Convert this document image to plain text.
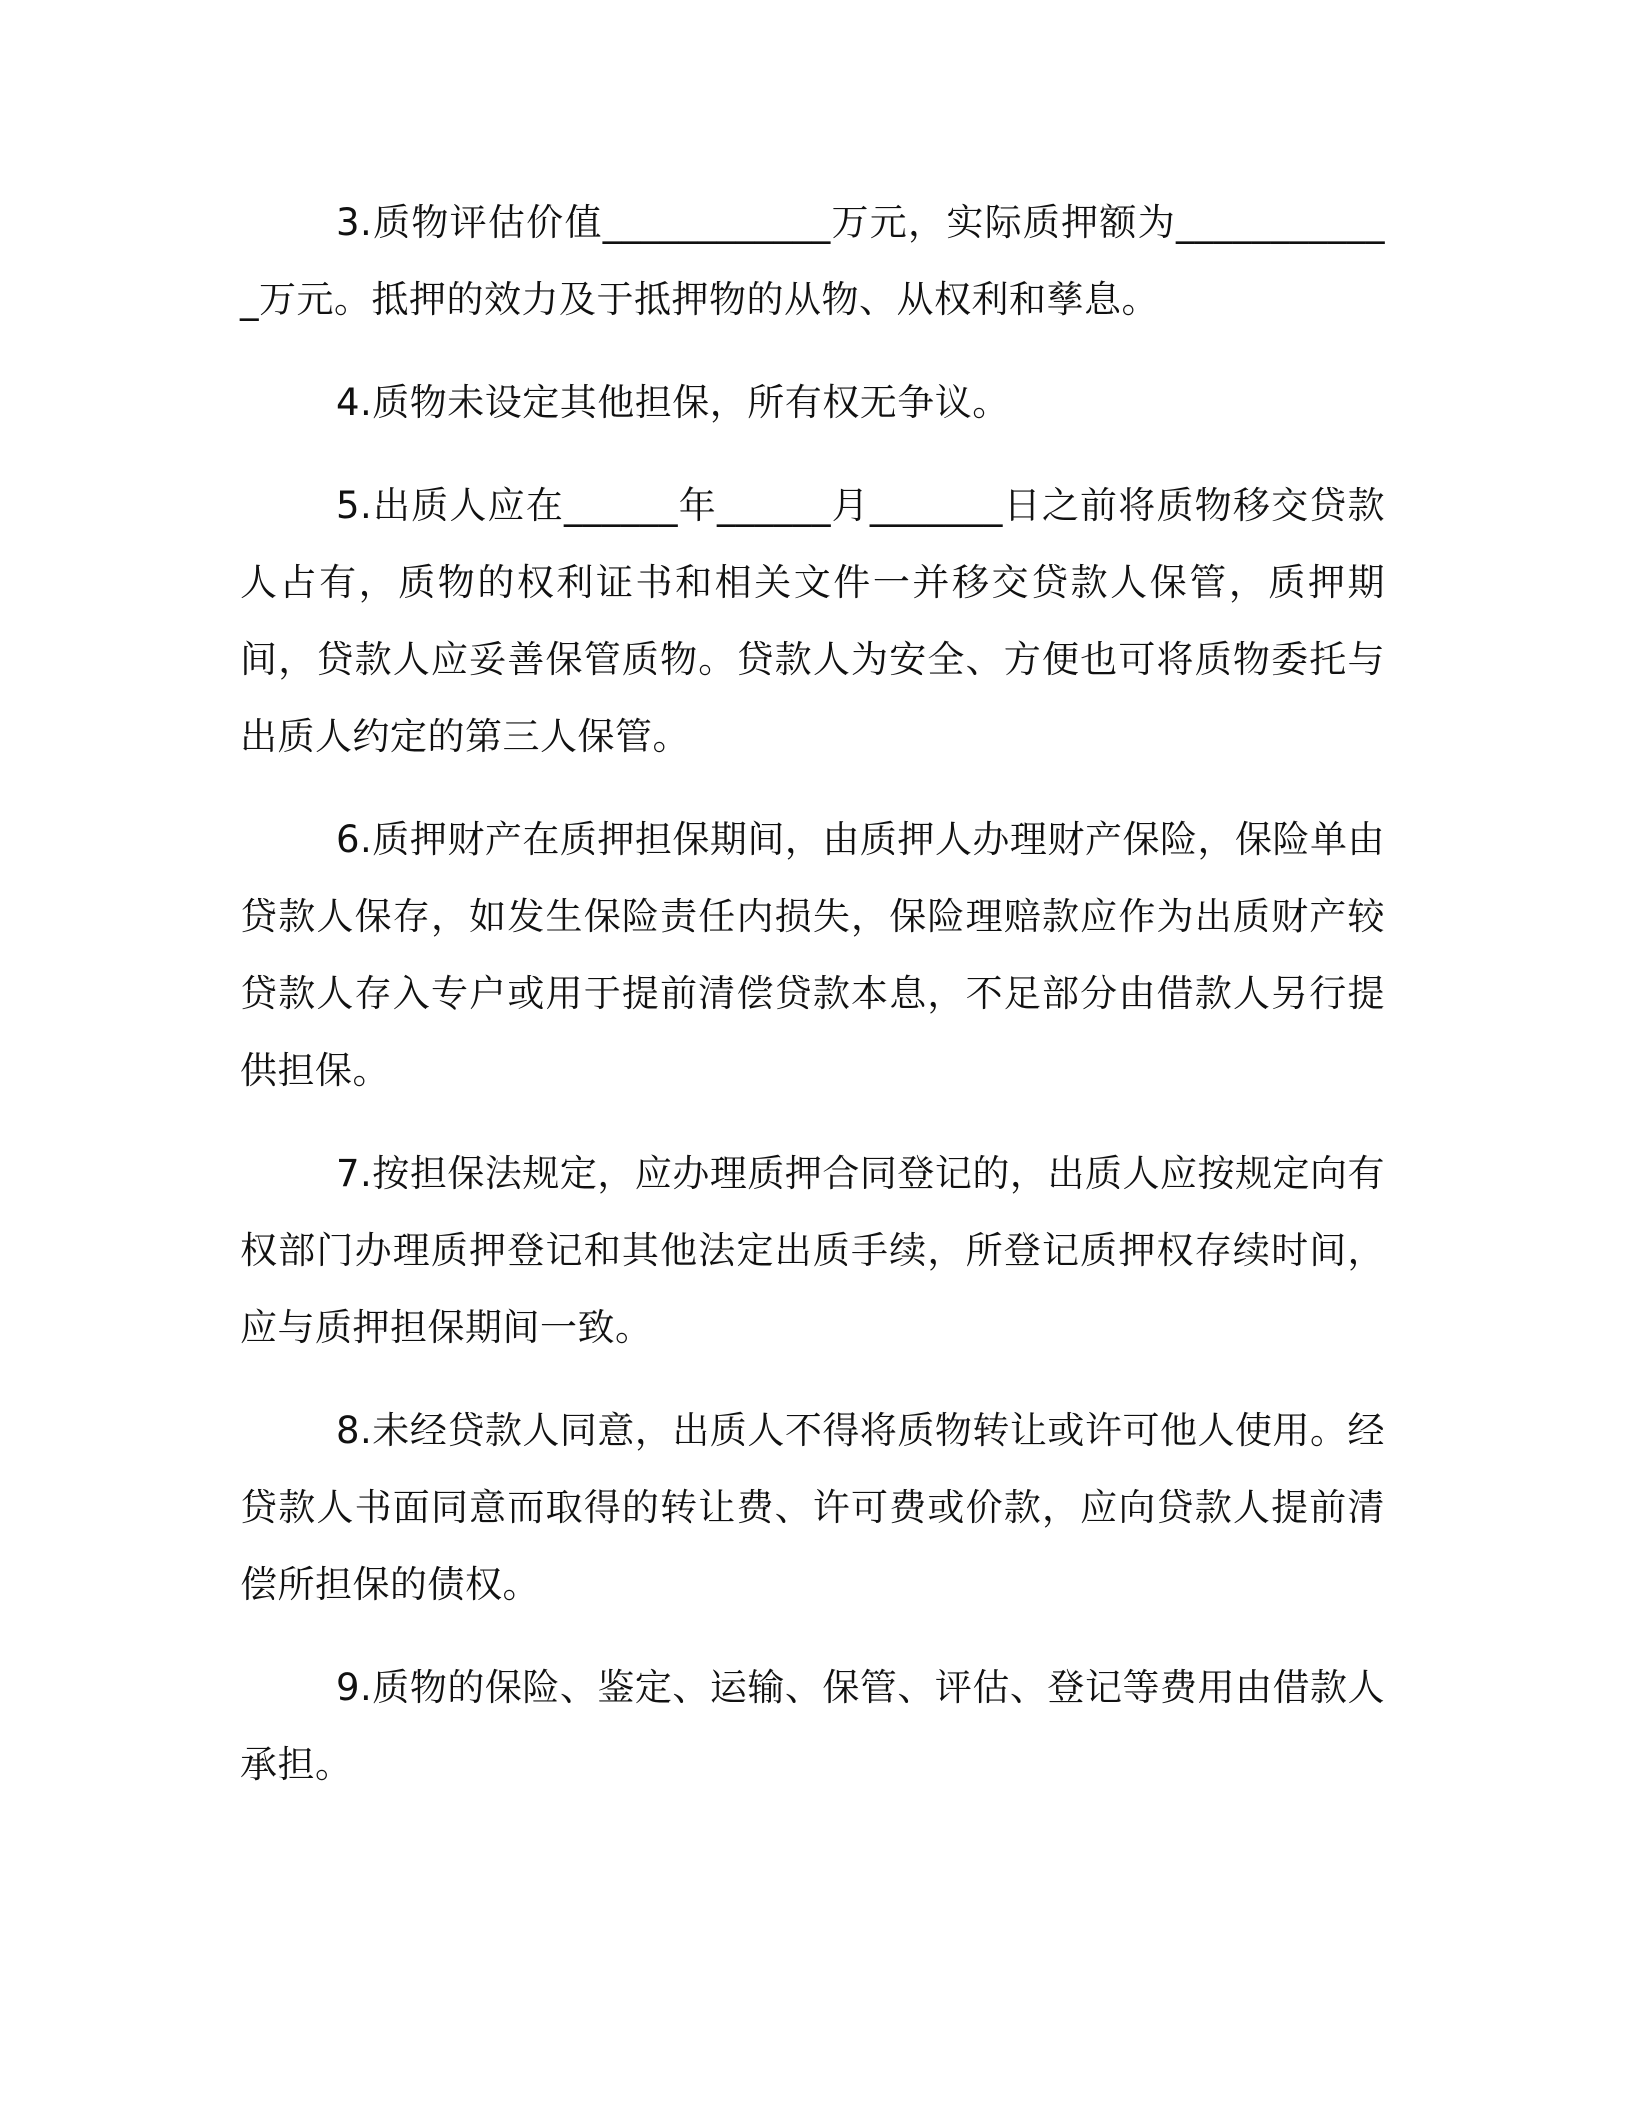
3.质物评估价值____________万元，实际质押额为____________万元。抵押的效力及于抵押物的从物、从权利和孳息。

4.质物未设定其他担保，所有权无争议。

5.出质人应在______年______月_______日之前将质物移交贷款人占有，质物的权利证书和相关文件一并移交贷款人保管，质押期间，贷款人应妥善保管质物。贷款人为安全、方便也可将质物委托与出质人约定的第三人保管。

6.质押财产在质押担保期间，由质押人办理财产保险，保险单由贷款人保存，如发生保险责任内损失，保险理赔款应作为出质财产较贷款人存入专户或用于提前清偿贷款本息，不足部分由借款人另行提供担保。

7.按担保法规定，应办理质押合同登记的，出质人应按规定向有权部门办理质押登记和其他法定出质手续，所登记质押权存续时间，应与质押担保期间一致。

8.未经贷款人同意，出质人不得将质物转让或许可他人使用。经贷款人书面同意而取得的转让费、许可费或价款，应向贷款人提前清偿所担保的债权。

9.质物的保险、鉴定、运输、保管、评估、登记等费用由借款人承担。
